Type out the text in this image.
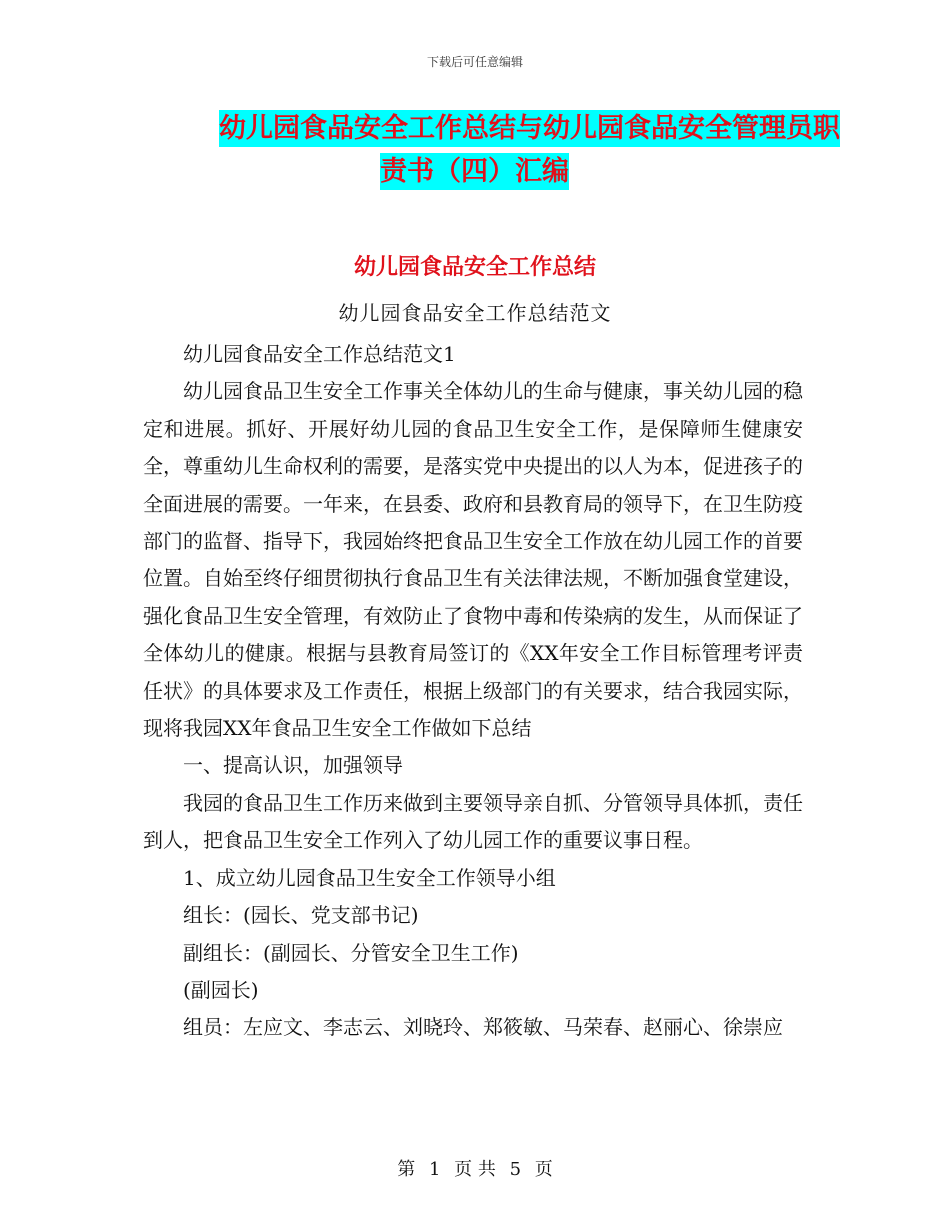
下载后可任意编辑
幼儿园食品安全工作总结与幼儿园食品安全管理员职
责书（四）汇编
幼儿园食品安全工作总结
幼儿园食品安全工作总结范文

幼儿园食品安全工作总结范文1

幼儿园食品卫生安全工作事关全体幼儿的生命与健康，事关幼儿园的稳定和进展。抓好、开展好幼儿园的食品卫生安全工作，是保障师生健康安全，尊重幼儿生命权利的需要，是落实党中央提出的以人为本，促进孩子的全面进展的需要。一年来，在县委、政府和县教育局的领导下，在卫生防疫部门的监督、指导下，我园始终把食品卫生安全工作放在幼儿园工作的首要位置。自始至终仔细贯彻执行食品卫生有关法律法规，不断加强食堂建设，强化食品卫生安全管理，有效防止了食物中毒和传染病的发生，从而保证了全体幼儿的健康。根据与县教育局签订的《XX年安全工作目标管理考评责任状》的具体要求及工作责任，根据上级部门的有关要求，结合我园实际，现将我园XX年食品卫生安全工作做如下总结

一、提高认识，加强领导

我园的食品卫生工作历来做到主要领导亲自抓、分管领导具体抓，责任到人，把食品卫生安全工作列入了幼儿园工作的重要议事日程。

1、成立幼儿园食品卫生安全工作领导小组

组长：(园长、党支部书记)

副组长：(副园长、分管安全卫生工作)

(副园长)

组员：左应文、李志云、刘晓玲、郑筱敏、马荣春、赵丽心、徐崇应

第 1 页 共 5 页
